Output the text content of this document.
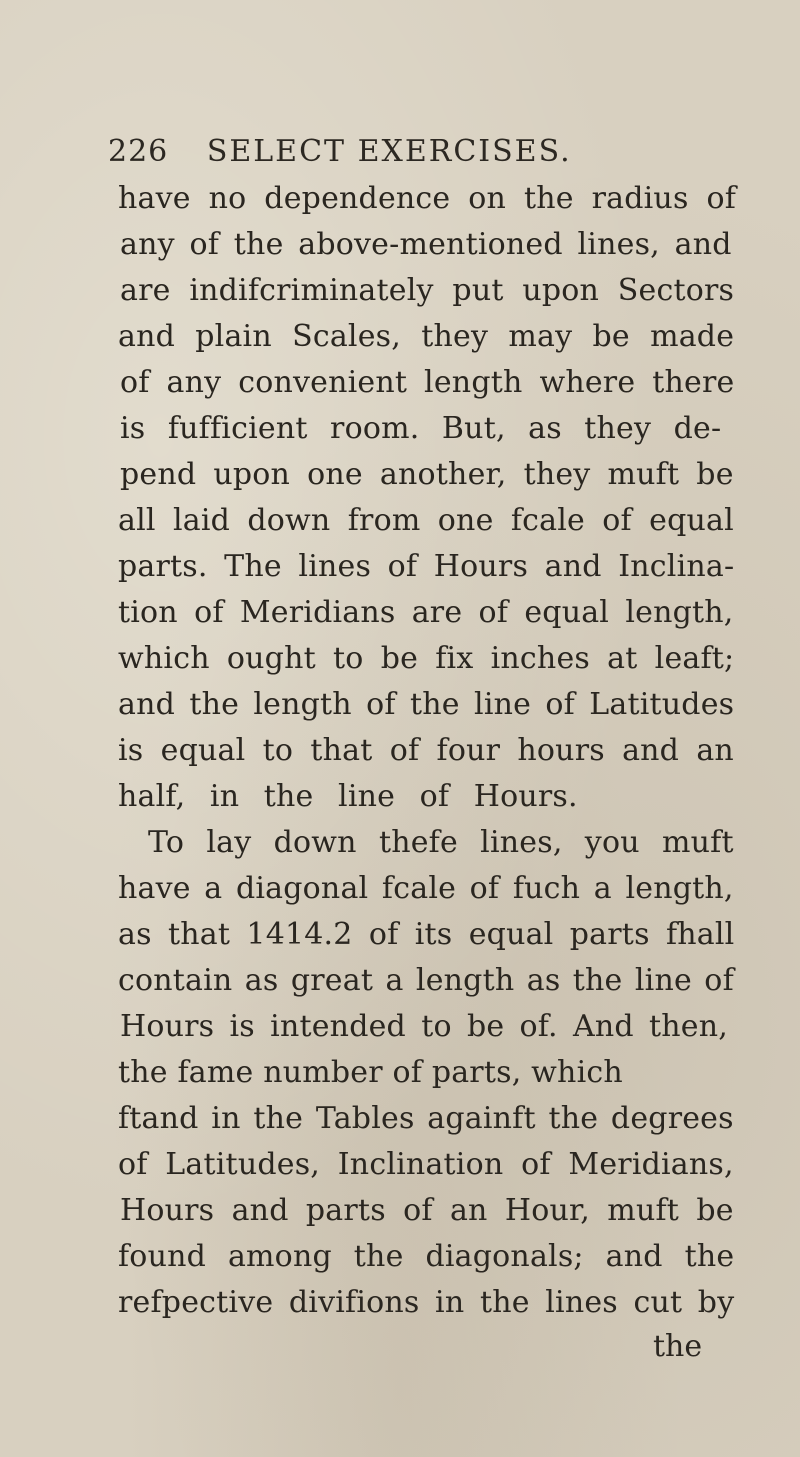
226 SELECT EXERCISES.
have no dependence on the radius of
any of the above-mentioned lines, and
are indifcriminately put upon Sectors
and plain Scales, they may be made
of any convenient length where there
is fufficient room. But, as they de-
pend upon one another, they muft be
all laid down from one fcale of equal
parts. The lines of Hours and Inclina-
tion of Meridians are of equal length,
which ought to be fix inches at leaft;
and the length of the line of Latitudes
is equal to that of four hours and an
half, in the line of Hours.
To lay down thefe lines, you muft
have a diagonal fcale of fuch a length,
as that 1414.2 of its equal parts fhall
contain as great a length as the line of
Hours is intended to be of. And then,
the fame number of parts, which
ftand in the Tables againft the degrees
of Latitudes, Inclination of Meridians,
Hours and parts of an Hour, muft be
found among the diagonals; and the
refpective divifions in the lines cut by
the
